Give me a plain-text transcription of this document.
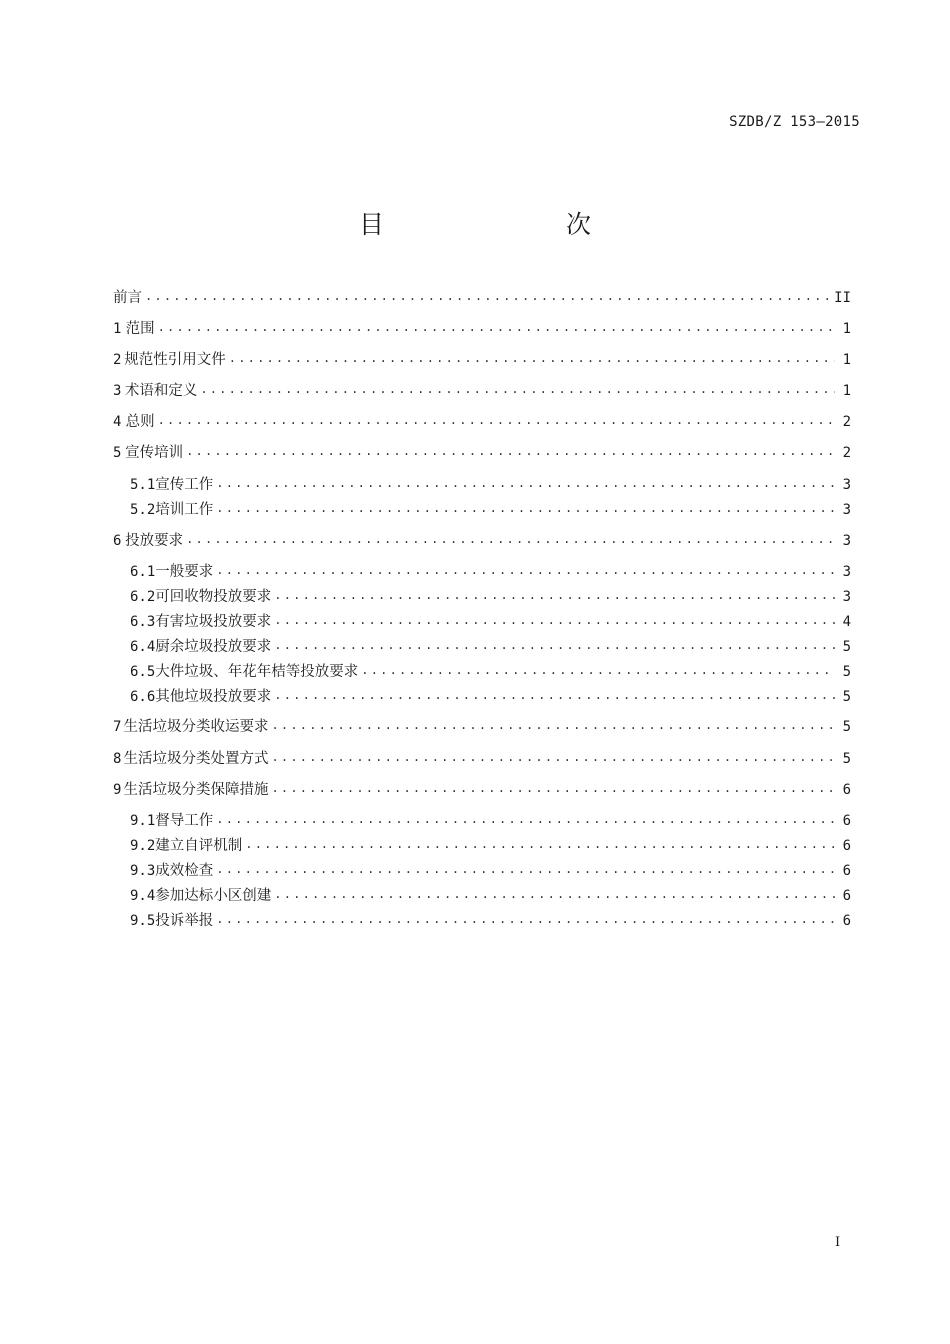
SZDB/Z 153—2015
目　　次
前言 .....	II
1 范围 .....	1
2 规范性引用文件 .....	1
3 术语和定义 .....	1
4 总则 .....	2
5 宣传培训 .....	2
5.1 宣传工作 .....	3
5.2 培训工作 .....	3
6 投放要求 .....	3
6.1 一般要求 .....	3
6.2 可回收物投放要求 .....	3
6.3 有害垃圾投放要求 .....	4
6.4 厨余垃圾投放要求 .....	5
6.5 大件垃圾、年花年桔等投放要求 .....	5
6.6 其他垃圾投放要求 .....	5
7 生活垃圾分类收运要求 .....	5
8 生活垃圾分类处置方式 .....	5
9 生活垃圾分类保障措施 .....	6
9.1 督导工作 .....	6
9.2 建立自评机制 .....	6
9.3 成效检查 .....	6
9.4 参加达标小区创建 .....	6
9.5 投诉举报 .....	6
I
